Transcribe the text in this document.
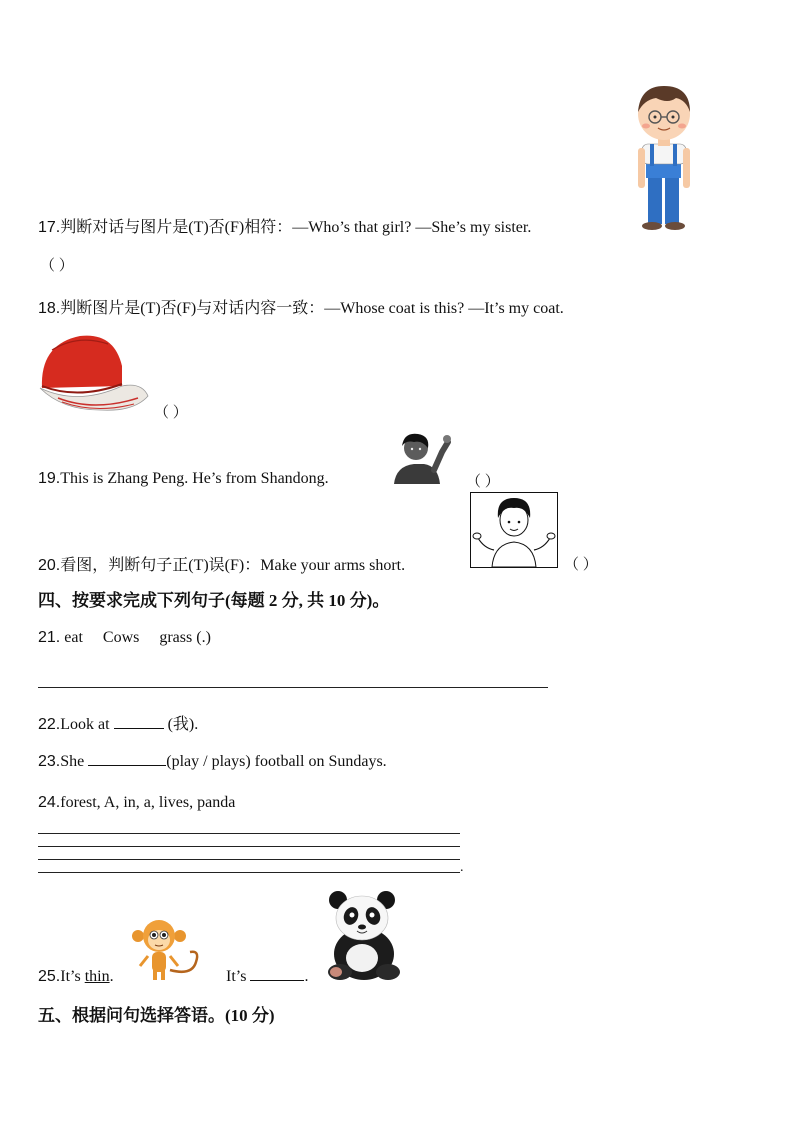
17.判断对话与图片是(T)否(F)相符：—Who’s that girl? —She’s my sister.
（ ）
18.判断图片是(T)否(F)与对话内容一致：—Whose coat is this? —It’s my coat.
（ ）
19.This is Zhang Peng. He’s from Shandong.	（ ）
20.看图，判断句子正(T)误(F)：Make your arms short.	（ ）
四、按要求完成下列句子(每题 2 分, 共 10 分)。
21. eat     Cows     grass (.)
22.Look at	(我).
23.She	(play / plays) football on Sundays.
24.forest, A, in, a, lives, panda
.
25.It’s thin.	It’s	.
五、根据问句选择答语。(10 分)
